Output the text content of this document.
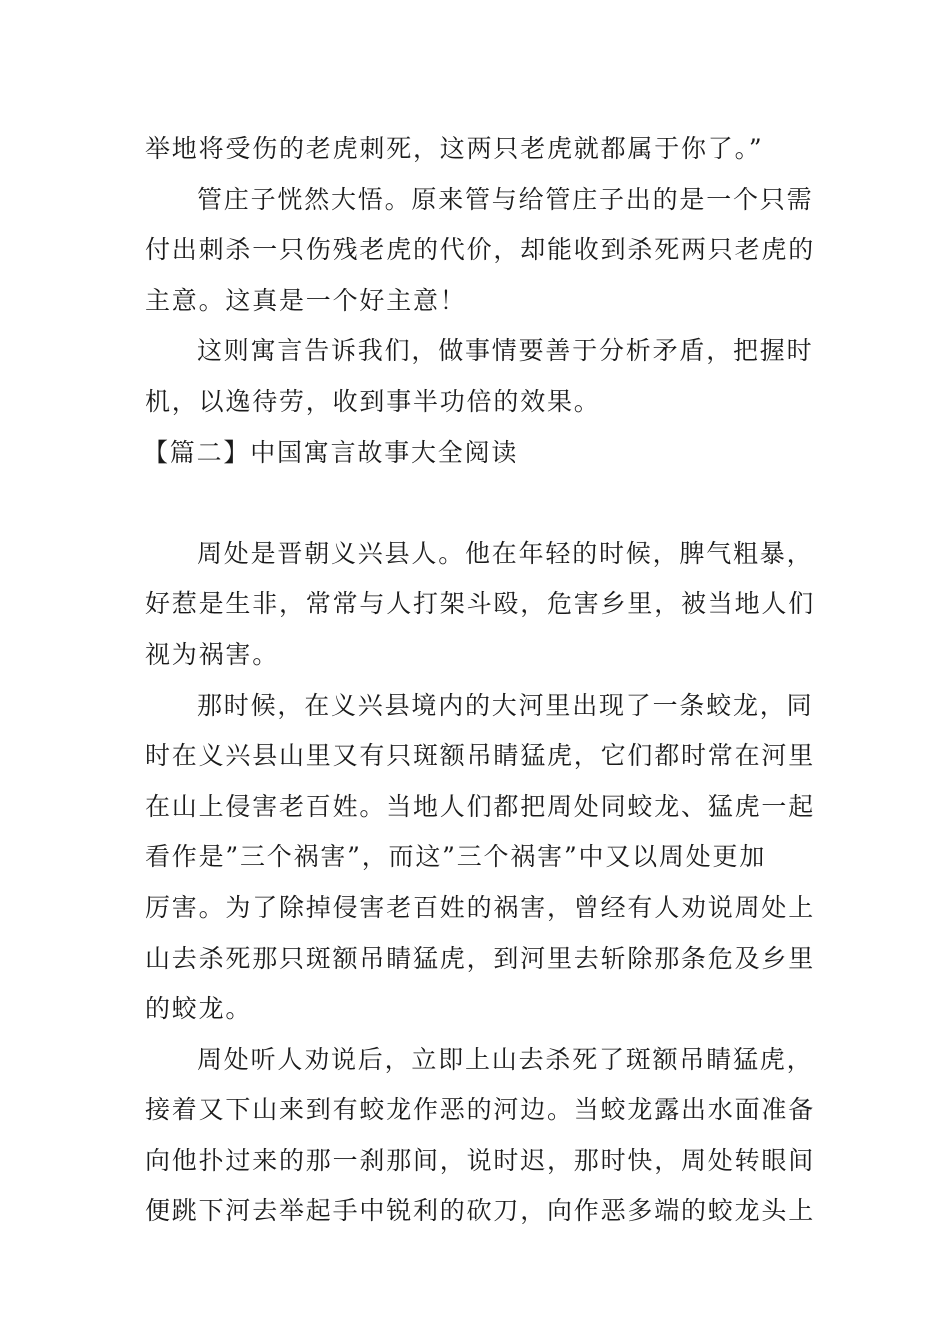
举地将受伤的老虎刺死，这两只老虎就都属于你了。”
管庄子恍然大悟。原来管与给管庄子出的是一个只需
付出刺杀一只伤残老虎的代价，却能收到杀死两只老虎的
主意。这真是一个好主意！
这则寓言告诉我们，做事情要善于分析矛盾，把握时
机，以逸待劳，收到事半功倍的效果。
【篇二】中国寓言故事大全阅读
周处是晋朝义兴县人。他在年轻的时候，脾气粗暴，
好惹是生非，常常与人打架斗殴，危害乡里，被当地人们
视为祸害。
那时候，在义兴县境内的大河里出现了一条蛟龙，同
时在义兴县山里又有只斑额吊睛猛虎，它们都时常在河里
在山上侵害老百姓。当地人们都把周处同蛟龙、猛虎一起
看作是”三个祸害”，而这”三个祸害”中又以周处更加
厉害。为了除掉侵害老百姓的祸害，曾经有人劝说周处上
山去杀死那只斑额吊睛猛虎，到河里去斩除那条危及乡里
的蛟龙。
周处听人劝说后，立即上山去杀死了斑额吊睛猛虎，
接着又下山来到有蛟龙作恶的河边。当蛟龙露出水面准备
向他扑过来的那一刹那间，说时迟，那时快，周处转眼间
便跳下河去举起手中锐利的砍刀，向作恶多端的蛟龙头上
